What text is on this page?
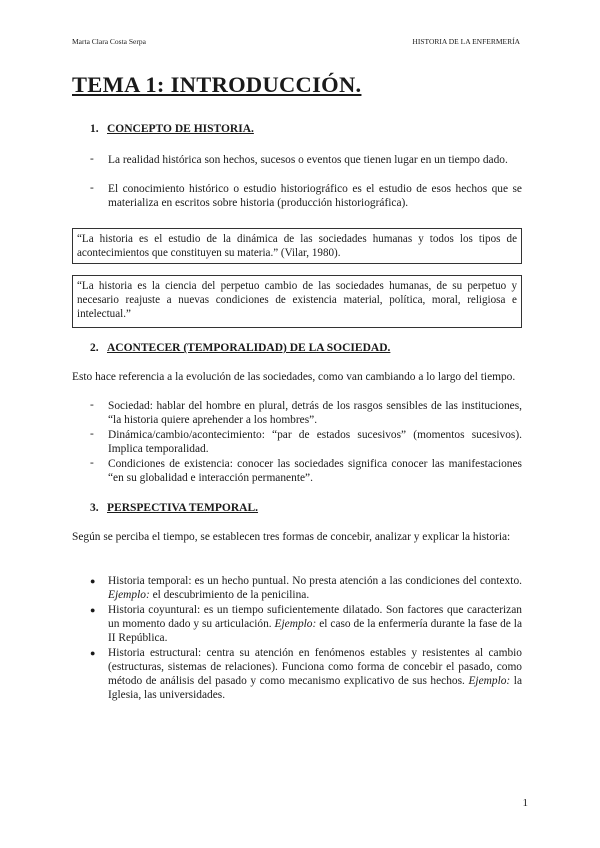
Marta Clara Costa Serpa	HISTORIA DE LA ENFERMERÍA
TEMA 1: INTRODUCCIÓN.
1. CONCEPTO DE HISTORIA.
- La realidad histórica son hechos, sucesos o eventos que tienen lugar en un tiempo dado.
- El conocimiento histórico o estudio historiográfico es el estudio de esos hechos que se materializa en escritos sobre historia (producción historiográfica).
“La historia es el estudio de la dinámica de las sociedades humanas y todos los tipos de acontecimientos que constituyen su materia.” (Vilar, 1980).
“La historia es la ciencia del perpetuo cambio de las sociedades humanas, de su perpetuo y necesario reajuste a nuevas condiciones de existencia material, política, moral, religiosa e intelectual.”
2. ACONTECER (TEMPORALIDAD) DE LA SOCIEDAD.
Esto hace referencia a la evolución de las sociedades, como van cambiando a lo largo del tiempo.
- Sociedad: hablar del hombre en plural, detrás de los rasgos sensibles de las instituciones, “la historia quiere aprehender a los hombres”.
- Dinámica/cambio/acontecimiento: “par de estados sucesivos” (momentos sucesivos). Implica temporalidad.
- Condiciones de existencia: conocer las sociedades significa conocer las manifestaciones “en su globalidad e interacción permanente”.
3. PERSPECTIVA TEMPORAL.
Según se perciba el tiempo, se establecen tres formas de concebir, analizar y explicar la historia:
● Historia temporal: es un hecho puntual. No presta atención a las condiciones del contexto. Ejemplo: el descubrimiento de la penicilina.
● Historia coyuntural: es un tiempo suficientemente dilatado. Son factores que caracterizan un momento dado y su articulación. Ejemplo: el caso de la enfermería durante la fase de la II República.
● Historia estructural: centra su atención en fenómenos estables y resistentes al cambio (estructuras, sistemas de relaciones). Funciona como forma de concebir el pasado, como método de análisis del pasado y como mecanismo explicativo de sus hechos. Ejemplo: la Iglesia, las universidades.
1
